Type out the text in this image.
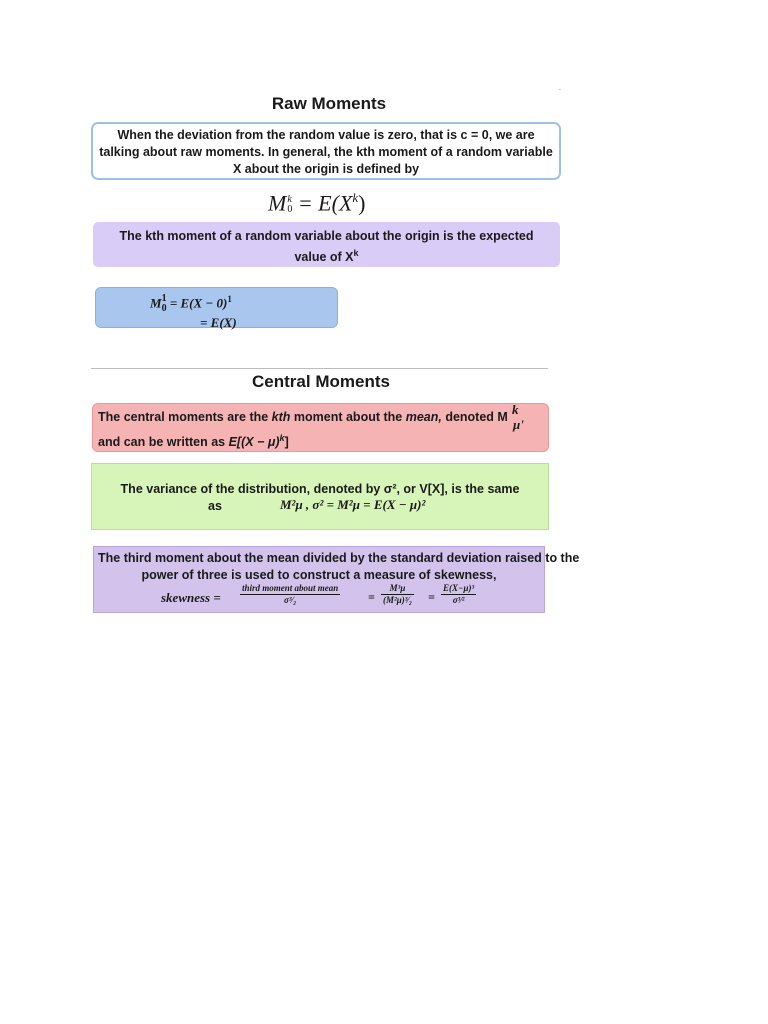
Raw Moments
˙
When the deviation from the random value is zero, that is c = 0, we are talking about raw moments. In general, the kth moment of a random variable X about the origin is defined by
M k
$0 = E(X^k)$
The kth moment of a random variable about the origin is the expected value of $X^k$
M 1
$0 = E(X - 0)^1$
= E(X)
Central Moments
The central moments are the kth moment about the mean, denoted M k
μ'
and can be written as $E[(X - \mu)^k]$
The variance of the distribution, denoted by σ², or V[X], is the same
as	M²μ , σ² = M²μ = E(X − μ)²
The third moment about the mean divided by the standard deviation raised to the
power of three is used to construct a measure of skewness,
skewness =
third moment about mean
σ³⁄₂	= $\frac{\text{M³μ}}{\text{(M²μ)³⁄₂}} = \frac{\text{E(X−μ)³}}{\text{σ³⁄²}}$
